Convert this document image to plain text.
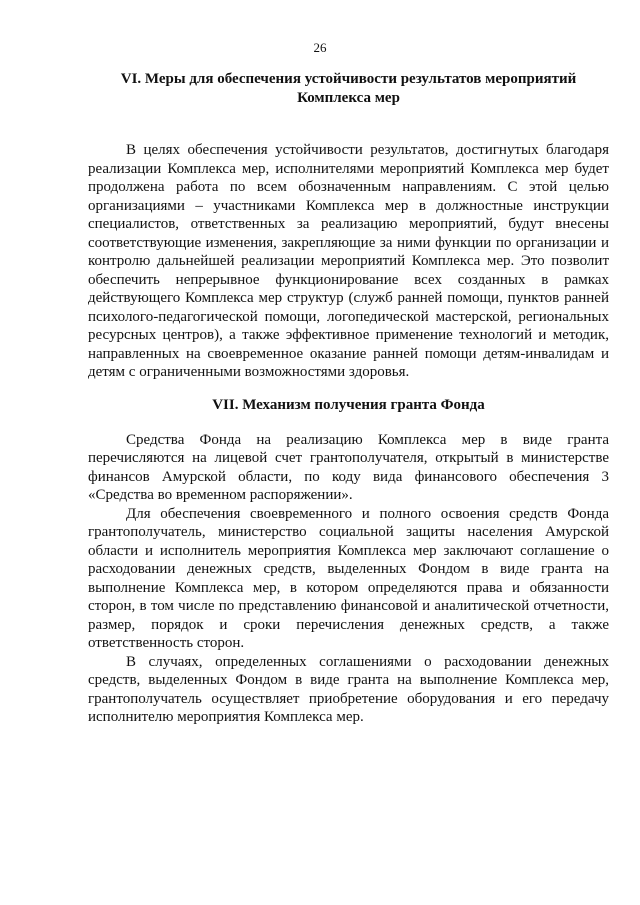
26
VI. Меры для обеспечения устойчивости результатов мероприятий
Комплекса мер

В целях обеспечения устойчивости результатов, достигнутых благодаря реализации Комплекса мер, исполнителями мероприятий Комплекса мер будет продолжена работа по всем обозначенным направлениям. С этой целью организациями – участниками Комплекса мер в должностные инструкции специалистов, ответственных за реализацию мероприятий, будут внесены соответствующие изменения, закрепляющие за ними функции по организации и контролю дальнейшей реализации мероприятий Комплекса мер. Это позволит обеспечить непрерывное функционирование всех созданных в рамках действующего Комплекса мер структур (служб ранней помощи, пунктов ранней психолого-педагогической помощи, логопедической мастерской, региональных ресурсных центров), а также эффективное применение технологий и методик, направленных на своевременное оказание ранней помощи детям-инвалидам и детям с ограниченными возможностями здоровья.

VII. Механизм получения гранта Фонда

Средства Фонда на реализацию Комплекса мер в виде гранта перечисляются на лицевой счет грантополучателя, открытый в министерстве финансов Амурской области, по коду вида финансового обеспечения 3 «Средства во временном распоряжении».

Для обеспечения своевременного и полного освоения средств Фонда грантополучатель, министерство социальной защиты населения Амурской области и исполнитель мероприятия Комплекса мер заключают соглашение о расходовании денежных средств, выделенных Фондом в виде гранта на выполнение Комплекса мер, в котором определяются права и обязанности сторон, в том числе по представлению финансовой и аналитической отчетности, размер, порядок и сроки перечисления денежных средств, а также ответственность сторон.

В случаях, определенных соглашениями о расходовании денежных средств, выделенных Фондом в виде гранта на выполнение Комплекса мер, грантополучатель осуществляет приобретение оборудования и его передачу исполнителю мероприятия Комплекса мер.
